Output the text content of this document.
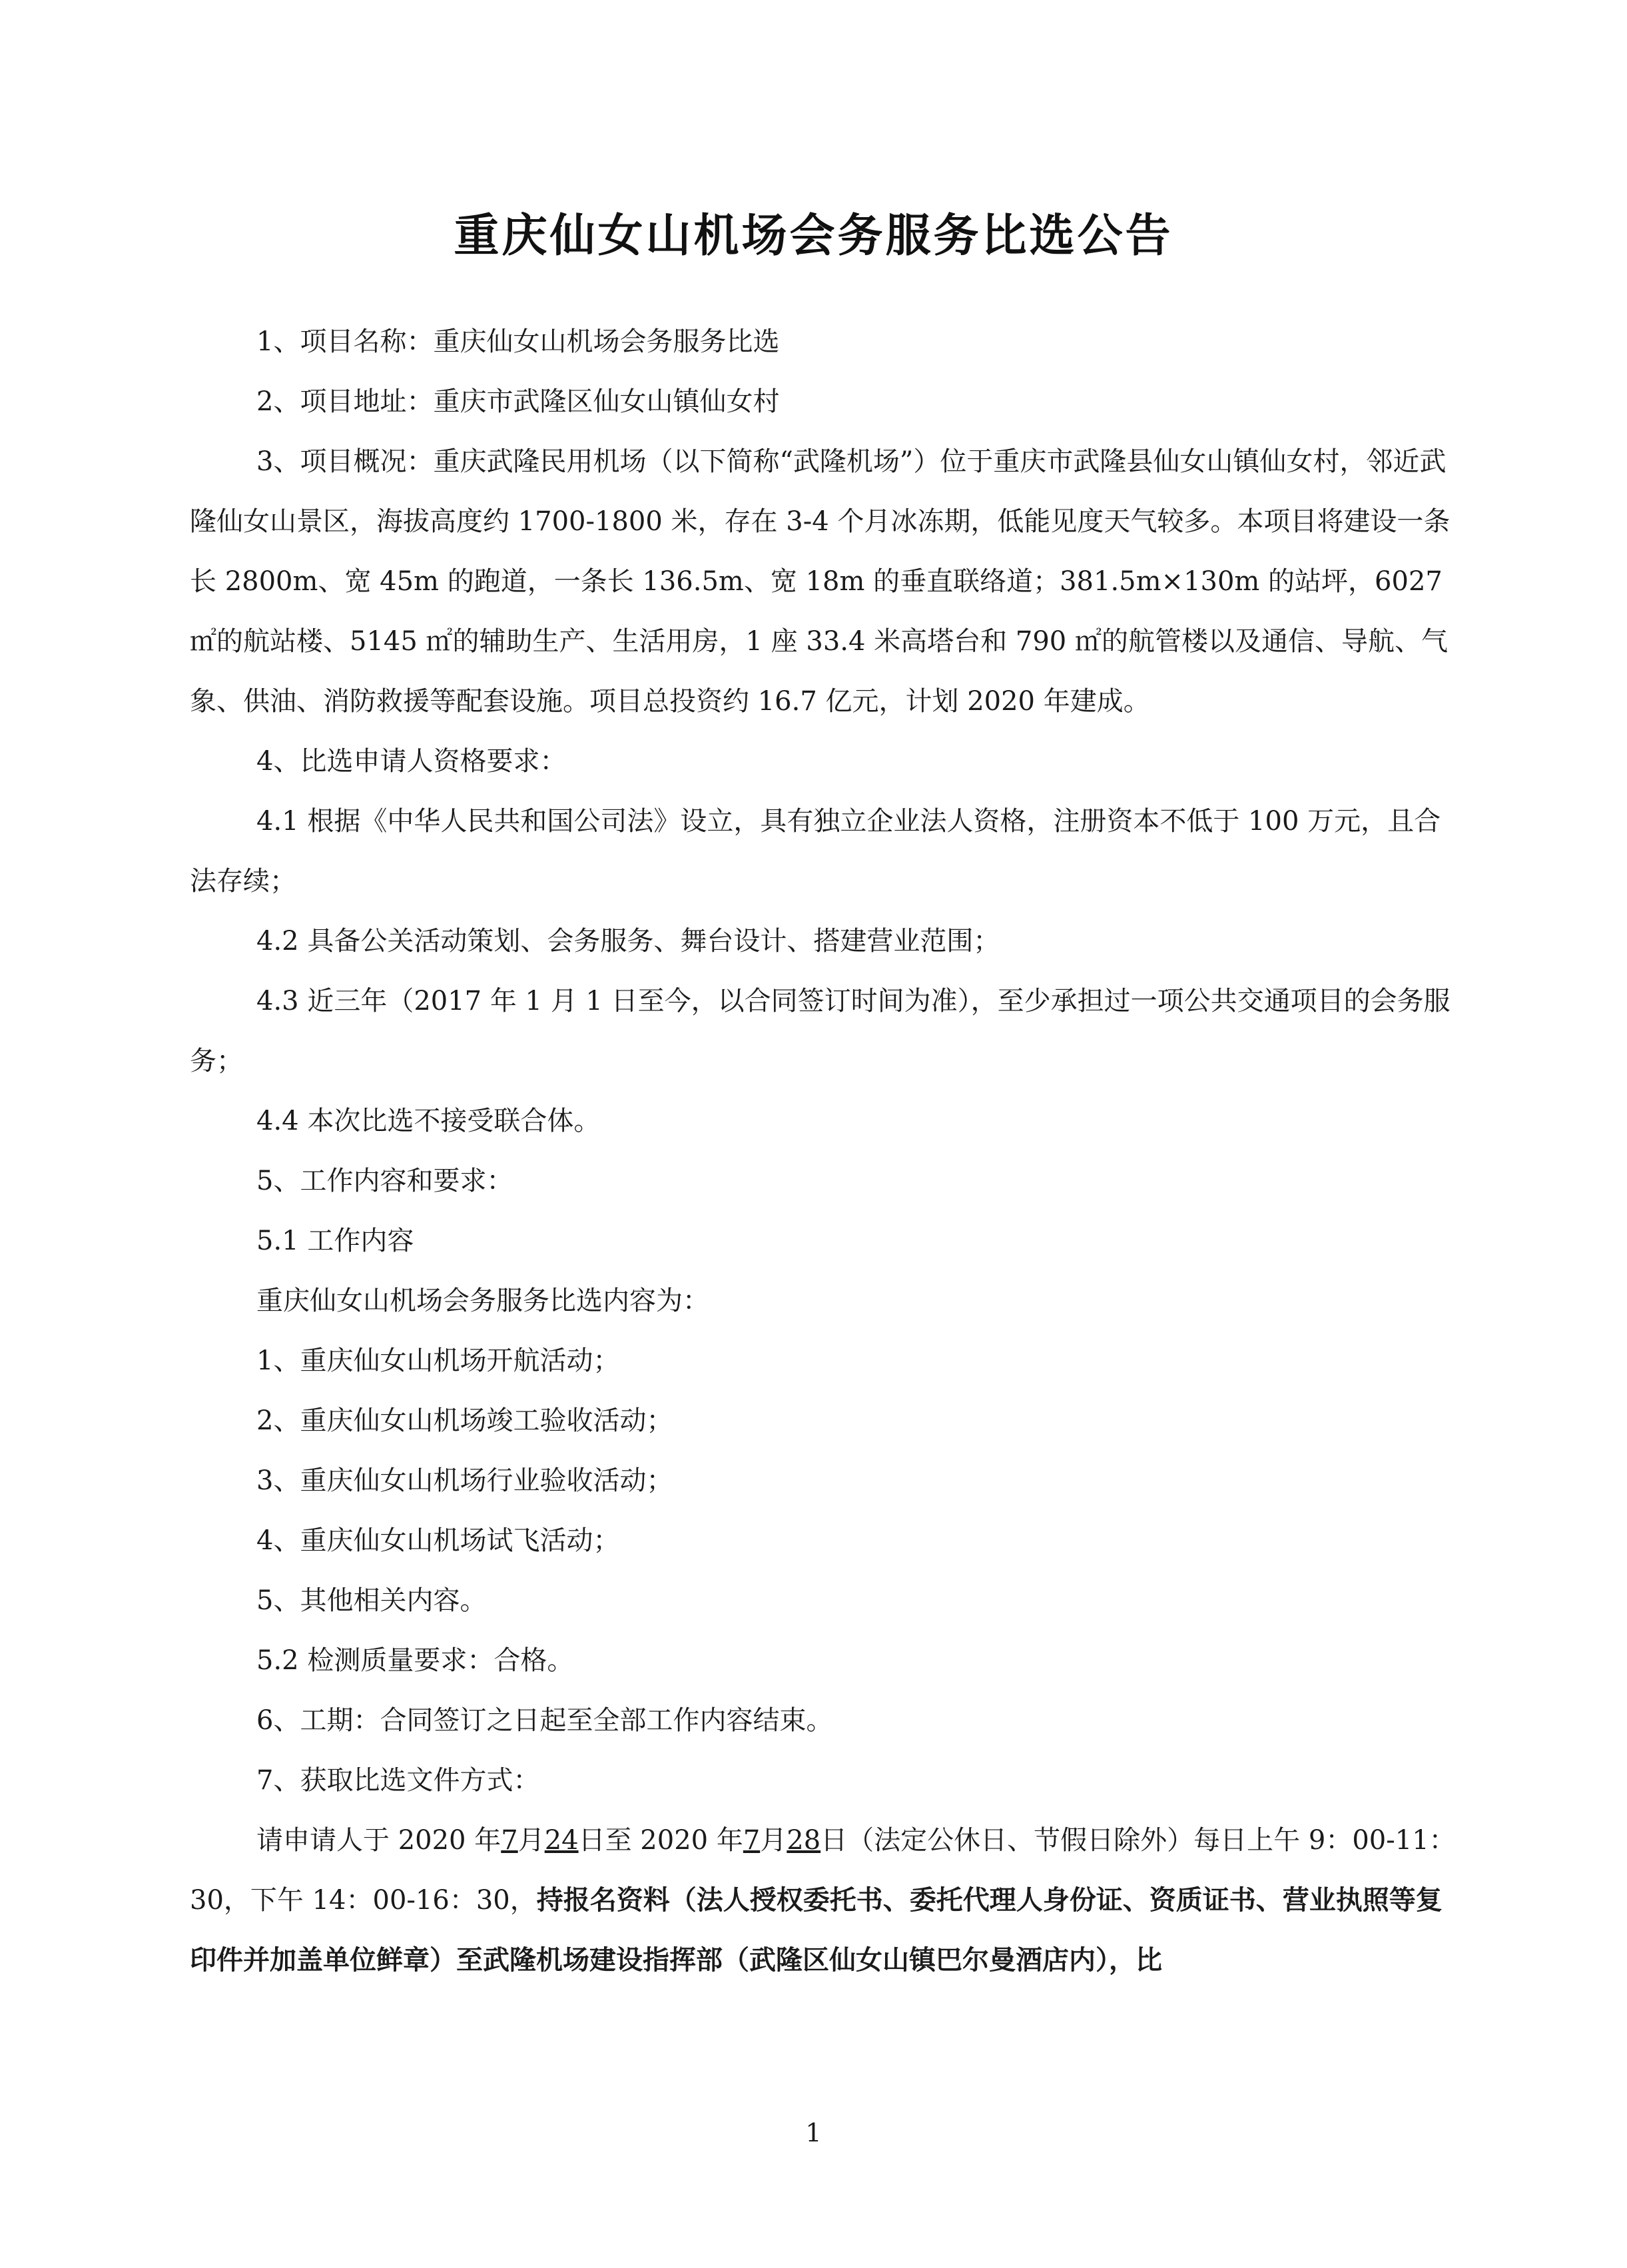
重庆仙女山机场会务服务比选公告

1、项目名称：重庆仙女山机场会务服务比选

2、项目地址：重庆市武隆区仙女山镇仙女村

3、项目概况：重庆武隆民用机场（以下简称“武隆机场”）位于重庆市武隆县仙女山镇仙女村，邻近武隆仙女山景区，海拔高度约 1700-1800 米，存在 3-4 个月冰冻期，低能见度天气较多。本项目将建设一条长 2800m、宽 45m 的跑道，一条长 136.5m、宽 18m 的垂直联络道；381.5m×130m 的站坪，6027 ㎡的航站楼、5145 ㎡的辅助生产、生活用房，1 座 33.4 米高塔台和 790 ㎡的航管楼以及通信、导航、气象、供油、消防救援等配套设施。项目总投资约 16.7 亿元，计划 2020 年建成。

4、比选申请人资格要求：

4.1 根据《中华人民共和国公司法》设立，具有独立企业法人资格，注册资本不低于 100 万元，且合法存续；

4.2 具备公关活动策划、会务服务、舞台设计、搭建营业范围；

4.3 近三年（2017 年 1 月 1 日至今，以合同签订时间为准），至少承担过一项公共交通项目的会务服务；

4.4 本次比选不接受联合体。

5、工作内容和要求：

5.1 工作内容

重庆仙女山机场会务服务比选内容为：

1、重庆仙女山机场开航活动；

2、重庆仙女山机场竣工验收活动；

3、重庆仙女山机场行业验收活动；

4、重庆仙女山机场试飞活动；

5、其他相关内容。

5.2 检测质量要求：合格。

6、工期：合同签订之日起至全部工作内容结束。

7、获取比选文件方式：

请申请人于 2020 年7月24日至 2020 年7月28日（法定公休日、节假日除外）每日上午 9：00-11：30，下午 14：00-16：30，持报名资料（法人授权委托书、委托代理人身份证、资质证书、营业执照等复印件并加盖单位鲜章）至武隆机场建设指挥部（武隆区仙女山镇巴尔曼酒店内），比

1
